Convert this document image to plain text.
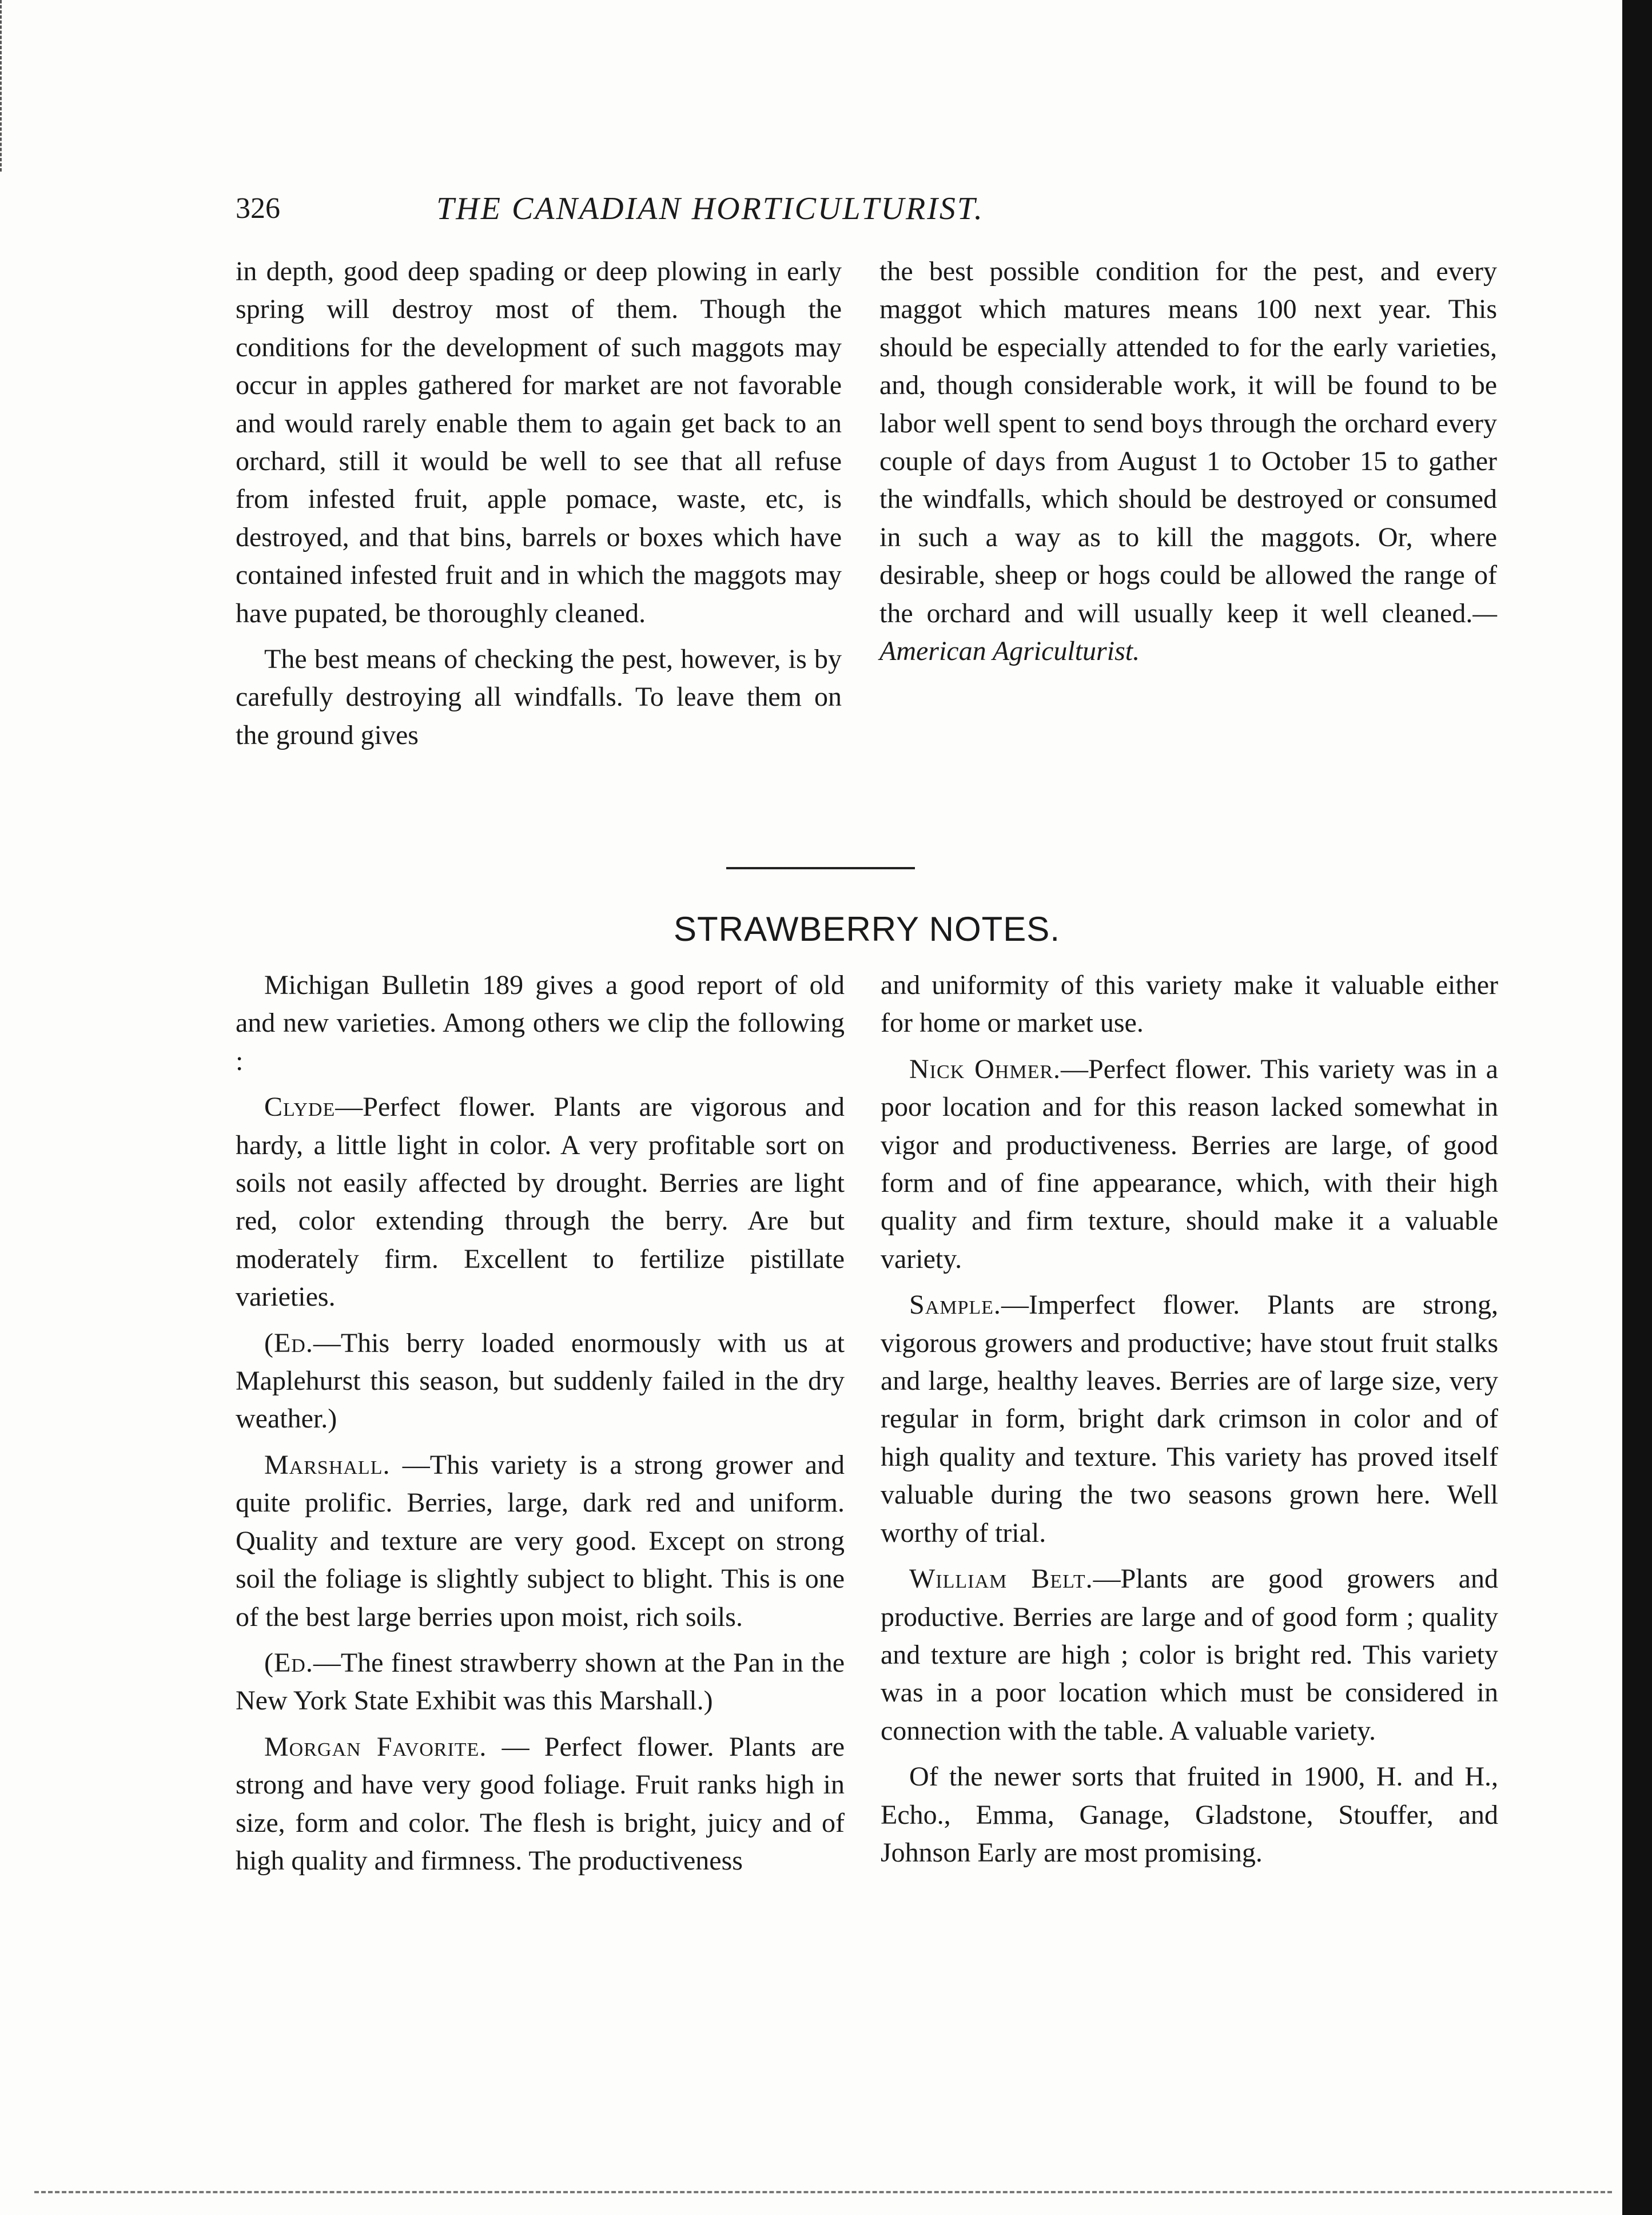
326	THE CANADIAN HORTICULTURIST.

in depth, good deep spading or deep plowing in early spring will destroy most of them. Though the conditions for the development of such maggots may occur in apples gathered for market are not favorable and would rarely enable them to again get back to an orchard, still it would be well to see that all refuse from infested fruit, apple pomace, waste, etc, is destroyed, and that bins, barrels or boxes which have contained infested fruit and in which the maggots may have pupated, be thoroughly cleaned.

The best means of checking the pest, however, is by carefully destroying all windfalls. To leave them on the ground gives

the best possible condition for the pest, and every maggot which matures means 100 next year. This should be especially attended to for the early varieties, and, though considerable work, it will be found to be labor well spent to send boys through the orchard every couple of days from August 1 to October 15 to gather the windfalls, which should be destroyed or consumed in such a way as to kill the maggots. Or, where desirable, sheep or hogs could be allowed the range of the orchard and will usually keep it well cleaned.—American Agriculturist.

STRAWBERRY NOTES.

Michigan Bulletin 189 gives a good report of old and new varieties. Among others we clip the following :

Clyde—Perfect flower. Plants are vigorous and hardy, a little light in color. A very profitable sort on soils not easily affected by drought. Berries are light red, color extending through the berry. Are but moderately firm. Excellent to fertilize pistillate varieties.

(Ed.—This berry loaded enormously with us at Maplehurst this season, but suddenly failed in the dry weather.)

Marshall. —This variety is a strong grower and quite prolific. Berries, large, dark red and uniform. Quality and texture are very good. Except on strong soil the foliage is slightly subject to blight. This is one of the best large berries upon moist, rich soils.

(Ed.—The finest strawberry shown at the Pan in the New York State Exhibit was this Marshall.)

Morgan Favorite. — Perfect flower. Plants are strong and have very good foliage. Fruit ranks high in size, form and color. The flesh is bright, juicy and of high quality and firmness. The productiveness

and uniformity of this variety make it valuable either for home or market use.

Nick Ohmer.—Perfect flower. This variety was in a poor location and for this reason lacked somewhat in vigor and productiveness. Berries are large, of good form and of fine appearance, which, with their high quality and firm texture, should make it a valuable variety.

Sample.—Imperfect flower. Plants are strong, vigorous growers and productive; have stout fruit stalks and large, healthy leaves. Berries are of large size, very regular in form, bright dark crimson in color and of high quality and texture. This variety has proved itself valuable during the two seasons grown here. Well worthy of trial.

William Belt.—Plants are good growers and productive. Berries are large and of good form ; quality and texture are high ; color is bright red. This variety was in a poor location which must be considered in connection with the table. A valuable variety.

Of the newer sorts that fruited in 1900, H. and H., Echo., Emma, Ganage, Gladstone, Stouffer, and Johnson Early are most promising.
